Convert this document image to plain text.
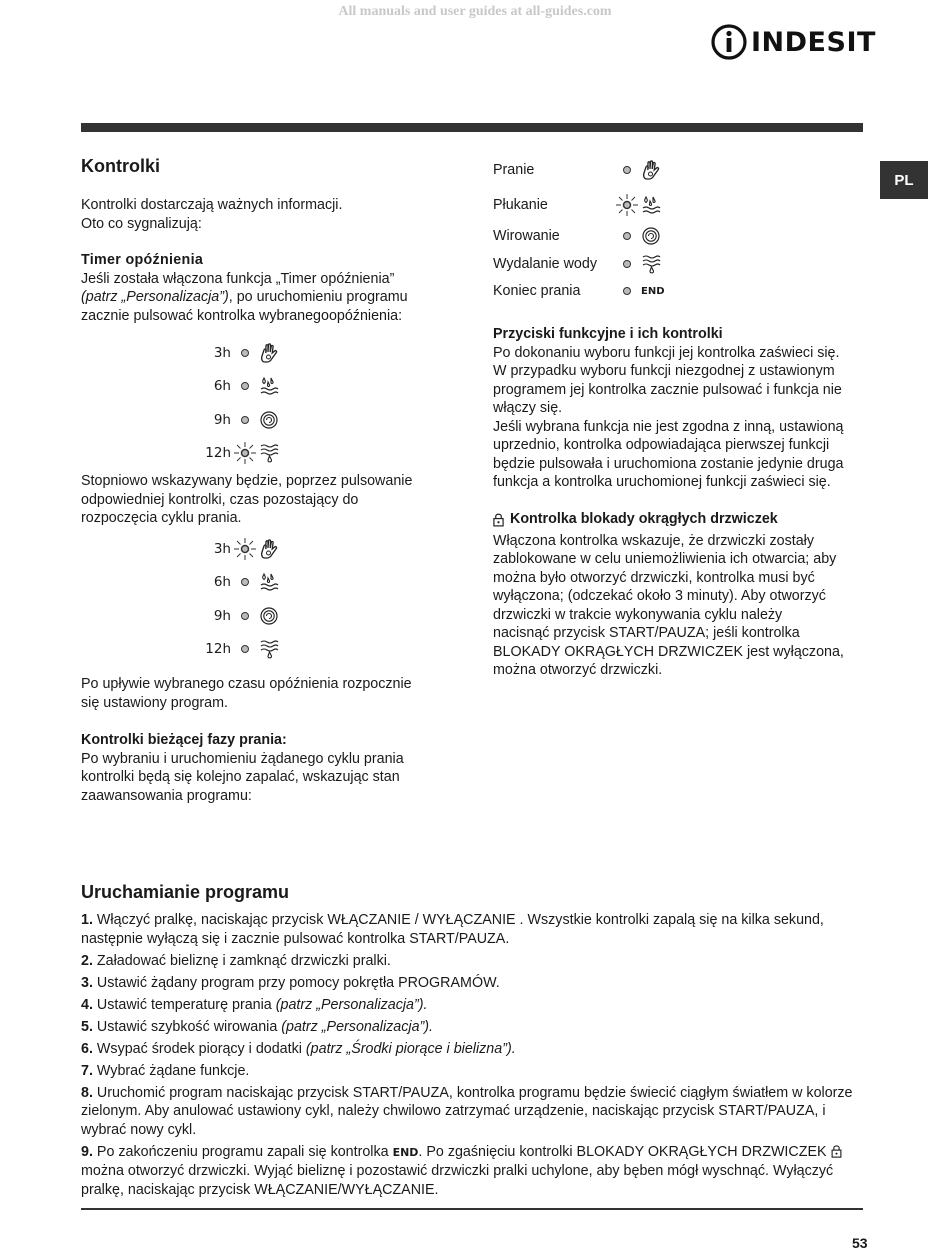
All manuals and user guides at all-guides.com
INDESIT
PL
Kontrolki
Kontrolki dostarczają ważnych informacji.
Oto co sygnalizują:
Timer opóźnienia
Jeśli została włączona funkcja „Timer opóźnienia”
(patrz „Personalizacja”), po uruchomieniu programu
zacznie pulsować kontrolka wybranegoopóźnienia:
3h
6h
9h
12h
Stopniowo wskazywany będzie, poprzez pulsowanie
odpowiedniej kontrolki, czas pozostający do
rozpoczęcia cyklu prania.
3h
6h
9h
12h
Po upływie wybranego czasu opóźnienia rozpocznie
się ustawiony program.
Kontrolki bieżącej fazy prania:
Po wybraniu i uruchomieniu żądanego cyklu prania
kontrolki będą się kolejno zapalać, wskazując stan
zaawansowania programu:
Pranie
Płukanie
Wirowanie
Wydalanie wody
Koniec prania	END
Przyciski funkcyjne i ich kontrolki
Po dokonaniu wyboru funkcji jej kontrolka zaświeci się.
W przypadku wyboru funkcji niezgodnej z ustawionym
programem jej kontrolka zacznie pulsować i funkcja nie
włączy się.
Jeśli wybrana funkcja nie jest zgodna z inną, ustawioną
uprzednio, kontrolka odpowiadająca pierwszej funkcji
będzie pulsowała i uruchomiona zostanie jedynie druga
funkcja a kontrolka uruchomionej funkcji zaświeci się.
Kontrolka blokady okrągłych drzwiczek
Włączona kontrolka wskazuje, że drzwiczki zostały
zablokowane w celu uniemożliwienia ich otwarcia; aby
można było otworzyć drzwiczki, kontrolka musi być
wyłączona; (odczekać około 3 minuty). Aby otworzyć
drzwiczki w trakcie wykonywania cyklu należy
nacisnąć przycisk START/PAUZA; jeśli kontrolka
BLOKADY OKRĄGŁYCH DRZWICZEK jest wyłączona,
można otworzyć drzwiczki.
Uruchamianie programu

1. Włączyć pralkę, naciskając przycisk WŁĄCZANIE / WYŁĄCZANIE . Wszystkie kontrolki zapalą się na kilka sekund, następnie wyłączą się i zacznie pulsować kontrolka START/PAUZA.

2. Załadować bieliznę i zamknąć drzwiczki pralki.

3. Ustawić żądany program przy pomocy pokrętła PROGRAMÓW.

4. Ustawić temperaturę prania (patrz „Personalizacja”).

5. Ustawić szybkość wirowania (patrz „Personalizacja”).

6. Wsypać środek piorący i dodatki (patrz „Środki piorące i bielizna”).

7. Wybrać żądane funkcje.

8. Uruchomić program naciskając przycisk START/PAUZA, kontrolka programu będzie świecić ciągłym światłem w kolorze zielonym. Aby anulować ustawiony cykl, należy chwilowo zatrzymać urządzenie, naciskając przycisk START/PAUZA, i wybrać nowy cykl.

9. Po zakończeniu programu zapali się kontrolka END. Po zgaśnięciu kontrolki BLOKADY OKRĄGŁYCH DRZWICZEK  można otworzyć drzwiczki. Wyjąć bieliznę i pozostawić drzwiczki pralki uchylone, aby bęben mógł wyschnąć. Wyłączyć pralkę, naciskając przycisk WŁĄCZANIE/WYŁĄCZANIE.

53
